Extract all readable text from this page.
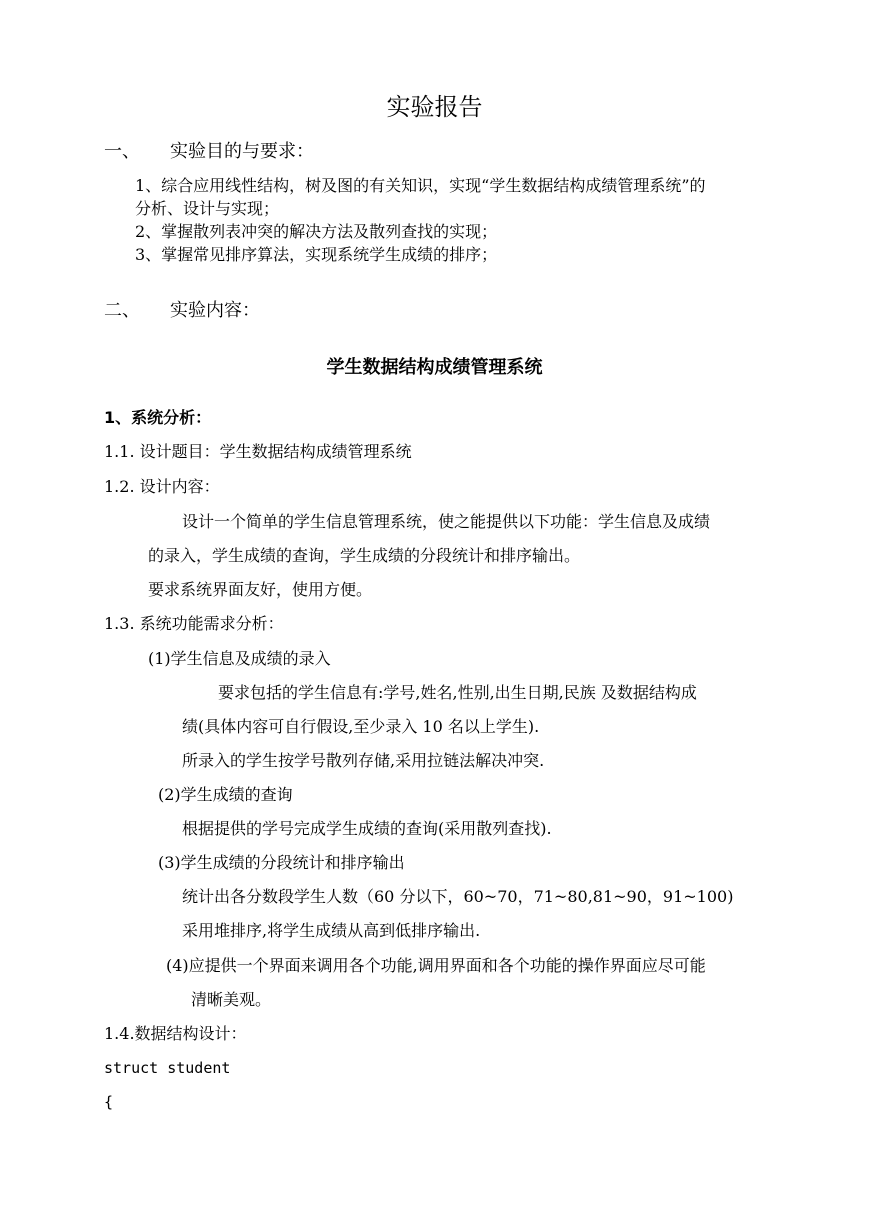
实验报告
一、 实验目的与要求：
1、综合应用线性结构，树及图的有关知识，实现“学生数据结构成绩管理系统”的
分析、设计与实现；
2、掌握散列表冲突的解决方法及散列查找的实现；
3、掌握常见排序算法，实现系统学生成绩的排序；
二、 实验内容：
学生数据结构成绩管理系统
1、系统分析：
1.1. 设计题目：学生数据结构成绩管理系统
1.2. 设计内容：
设计一个简单的学生信息管理系统，使之能提供以下功能：学生信息及成绩
的录入，学生成绩的查询，学生成绩的分段统计和排序输出。
要求系统界面友好，使用方便。
1.3. 系统功能需求分析：
(1)学生信息及成绩的录入
要求包括的学生信息有:学号,姓名,性别,出生日期,民族 及数据结构成
绩(具体内容可自行假设,至少录入 10 名以上学生).
所录入的学生按学号散列存储,采用拉链法解决冲突.
(2)学生成绩的查询
根据提供的学号完成学生成绩的查询(采用散列查找).
(3)学生成绩的分段统计和排序输出
统计出各分数段学生人数（60 分以下，60~70，71~80,81~90，91~100)
采用堆排序,将学生成绩从高到低排序输出.
(4)应提供一个界面来调用各个功能,调用界面和各个功能的操作界面应尽可能
清晰美观。
1.4.数据结构设计：
struct student
{
